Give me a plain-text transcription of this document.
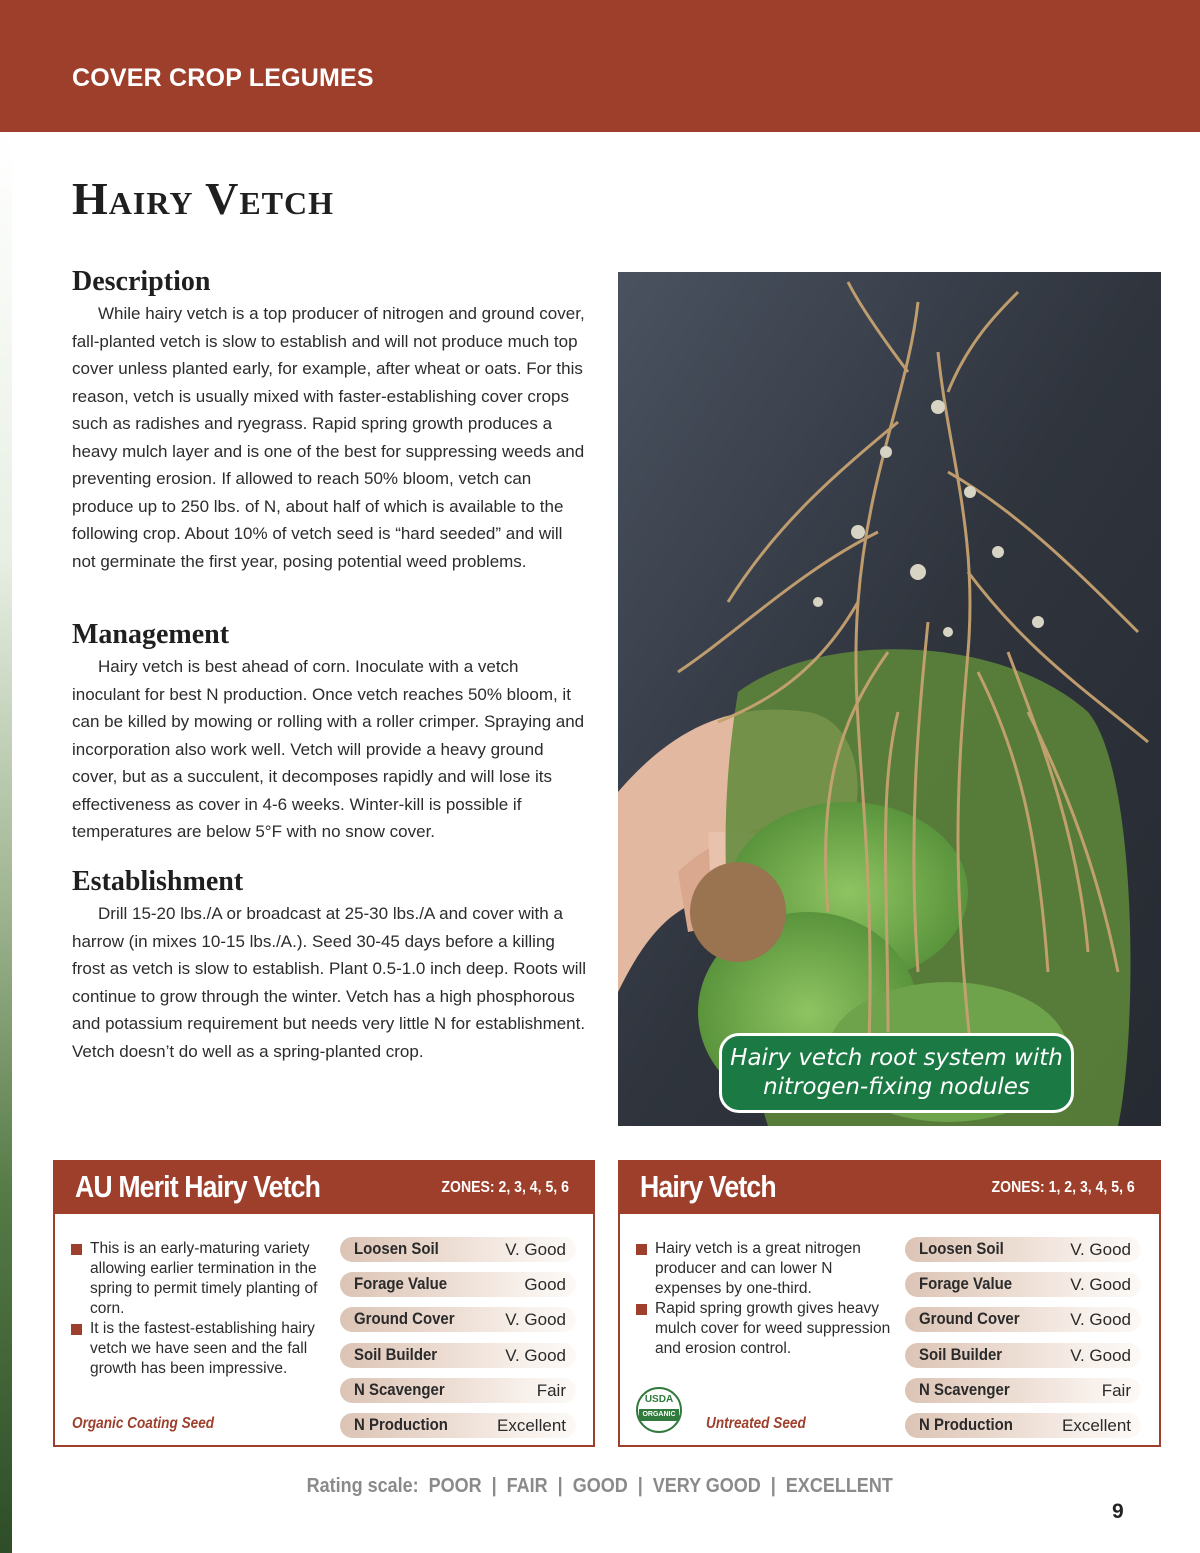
COVER CROP LEGUMES
Hairy Vetch
Description

While hairy vetch is a top producer of nitrogen and ground cover, fall-planted vetch is slow to establish and will not produce much top cover unless planted early, for example, after wheat or oats. For this reason, vetch is usually mixed with faster-establishing cover crops such as radishes and ryegrass. Rapid spring growth produces a heavy mulch layer and is one of the best for suppressing weeds and preventing erosion. If allowed to reach 50% bloom, vetch can produce up to 250 lbs. of N, about half of which is available to the following crop. About 10% of vetch seed is “hard seeded” and will not germinate the first year, posing potential weed problems.

Management

Hairy vetch is best ahead of corn. Inoculate with a vetch inoculant for best N production. Once vetch reaches 50% bloom, it can be killed by mowing or rolling with a roller crimper. Spraying and incorporation also work well. Vetch will provide a heavy ground cover, but as a succulent, it decomposes rapidly and will lose its effectiveness as cover in 4-6 weeks. Winter-kill is possible if temperatures are below 5°F with no snow cover.

Establishment

Drill 15-20 lbs./A or broadcast at 25-30 lbs./A and cover with a harrow (in mixes 10-15 lbs./A.). Seed 30-45 days before a killing frost as vetch is slow to establish. Plant 0.5-1.0 inch deep. Roots will continue to grow through the winter. Vetch has a high phosphorous and potassium requirement but needs very little N for establishment. Vetch doesn’t do well as a spring-planted crop.	Hairy vetch root system with
nitrogen-fixing nodules
AU Merit Hairy Vetch	ZONES: 2, 3, 4, 5, 6
This is an early-maturing variety allowing earlier termination in the spring to permit timely planting of corn.
It is the fastest-establishing hairy vetch we have seen and the fall growth has been impressive.
Organic Coating Seed
Loosen Soil	V. Good
Forage Value	Good
Ground Cover	V. Good
Soil Builder	V. Good
N Scavenger	Fair
N Production	Excellent
Hairy Vetch	ZONES: 1, 2, 3, 4, 5, 6
Hairy vetch is a great nitrogen producer and can lower N expenses by one-third.
Rapid spring growth gives heavy mulch cover for weed suppression and erosion control.
USDA
ORGANIC
Untreated Seed
Loosen Soil	V. Good
Forage Value	V. Good
Ground Cover	V. Good
Soil Builder	V. Good
N Scavenger	Fair
N Production	Excellent
Rating scale:  POOR  |  FAIR  |  GOOD  |  VERY GOOD  |  EXCELLENT
9
